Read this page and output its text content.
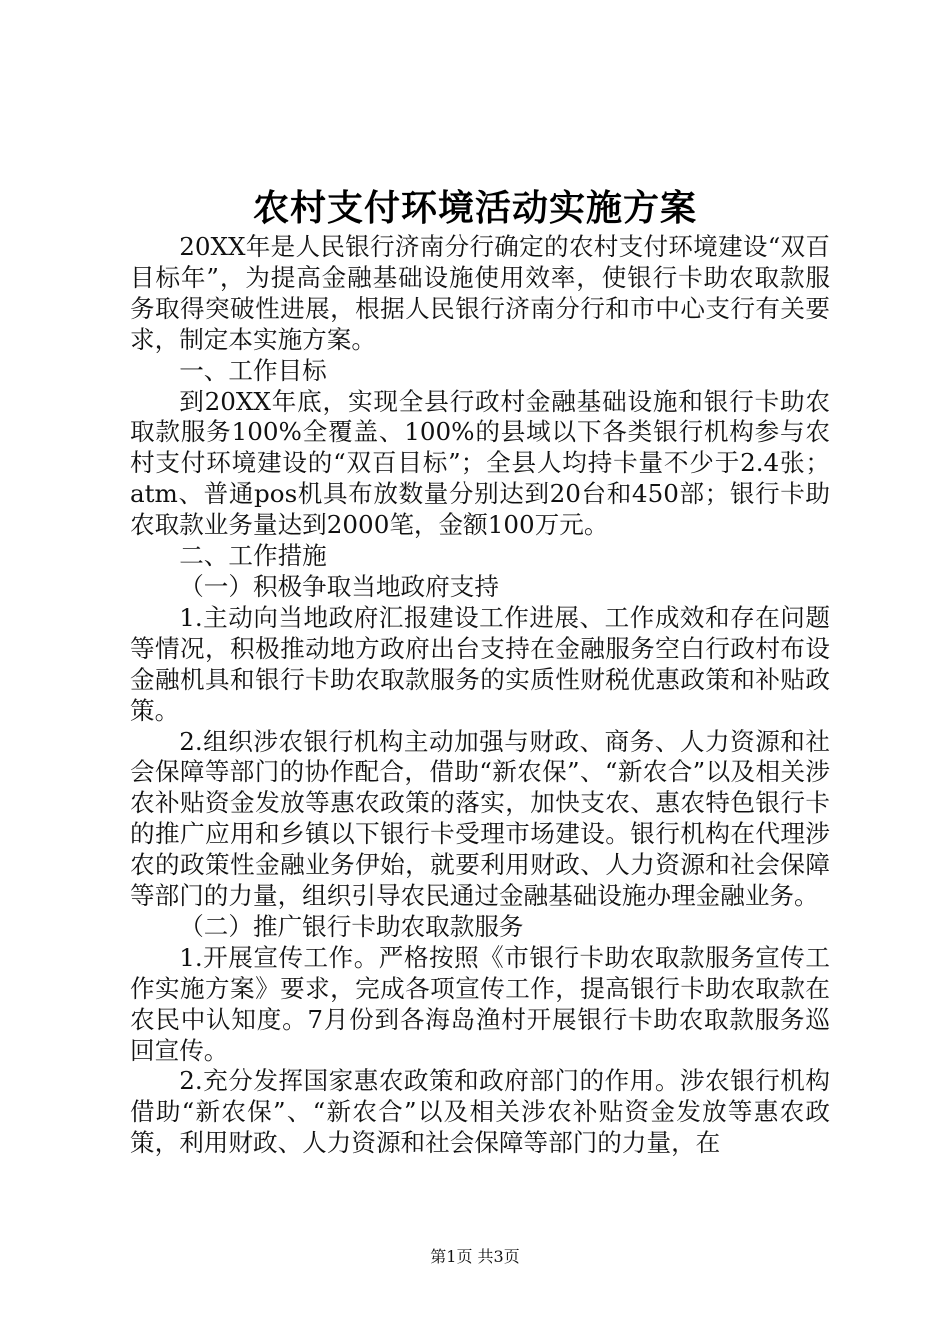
农村支付环境活动实施方案

20XX年是人民银行济南分行确定的农村支付环境建设“双百目标年”，为提高金融基础设施使用效率，使银行卡助农取款服务取得突破性进展，根据人民银行济南分行和市中心支行有关要求，制定本实施方案。

一、工作目标

到20XX年底，实现全县行政村金融基础设施和银行卡助农取款服务100%全覆盖、100%的县域以下各类银行机构参与农村支付环境建设的“双百目标”；全县人均持卡量不少于2.4张；atm、普通pos机具布放数量分别达到20台和450部；银行卡助农取款业务量达到2000笔，金额100万元。

二、工作措施

（一）积极争取当地政府支持

1.主动向当地政府汇报建设工作进展、工作成效和存在问题等情况，积极推动地方政府出台支持在金融服务空白行政村布设金融机具和银行卡助农取款服务的实质性财税优惠政策和补贴政策。

2.组织涉农银行机构主动加强与财政、商务、人力资源和社会保障等部门的协作配合，借助“新农保”、“新农合”以及相关涉农补贴资金发放等惠农政策的落实，加快支农、惠农特色银行卡的推广应用和乡镇以下银行卡受理市场建设。银行机构在代理涉农的政策性金融业务伊始，就要利用财政、人力资源和社会保障等部门的力量，组织引导农民通过金融基础设施办理金融业务。

（二）推广银行卡助农取款服务

1.开展宣传工作。严格按照《市银行卡助农取款服务宣传工作实施方案》要求，完成各项宣传工作，提高银行卡助农取款在农民中认知度。7月份到各海岛渔村开展银行卡助农取款服务巡回宣传。

2.充分发挥国家惠农政策和政府部门的作用。涉农银行机构借助“新农保”、“新农合”以及相关涉农补贴资金发放等惠农政策，利用财政、人力资源和社会保障等部门的力量，在

第1页 共3页
